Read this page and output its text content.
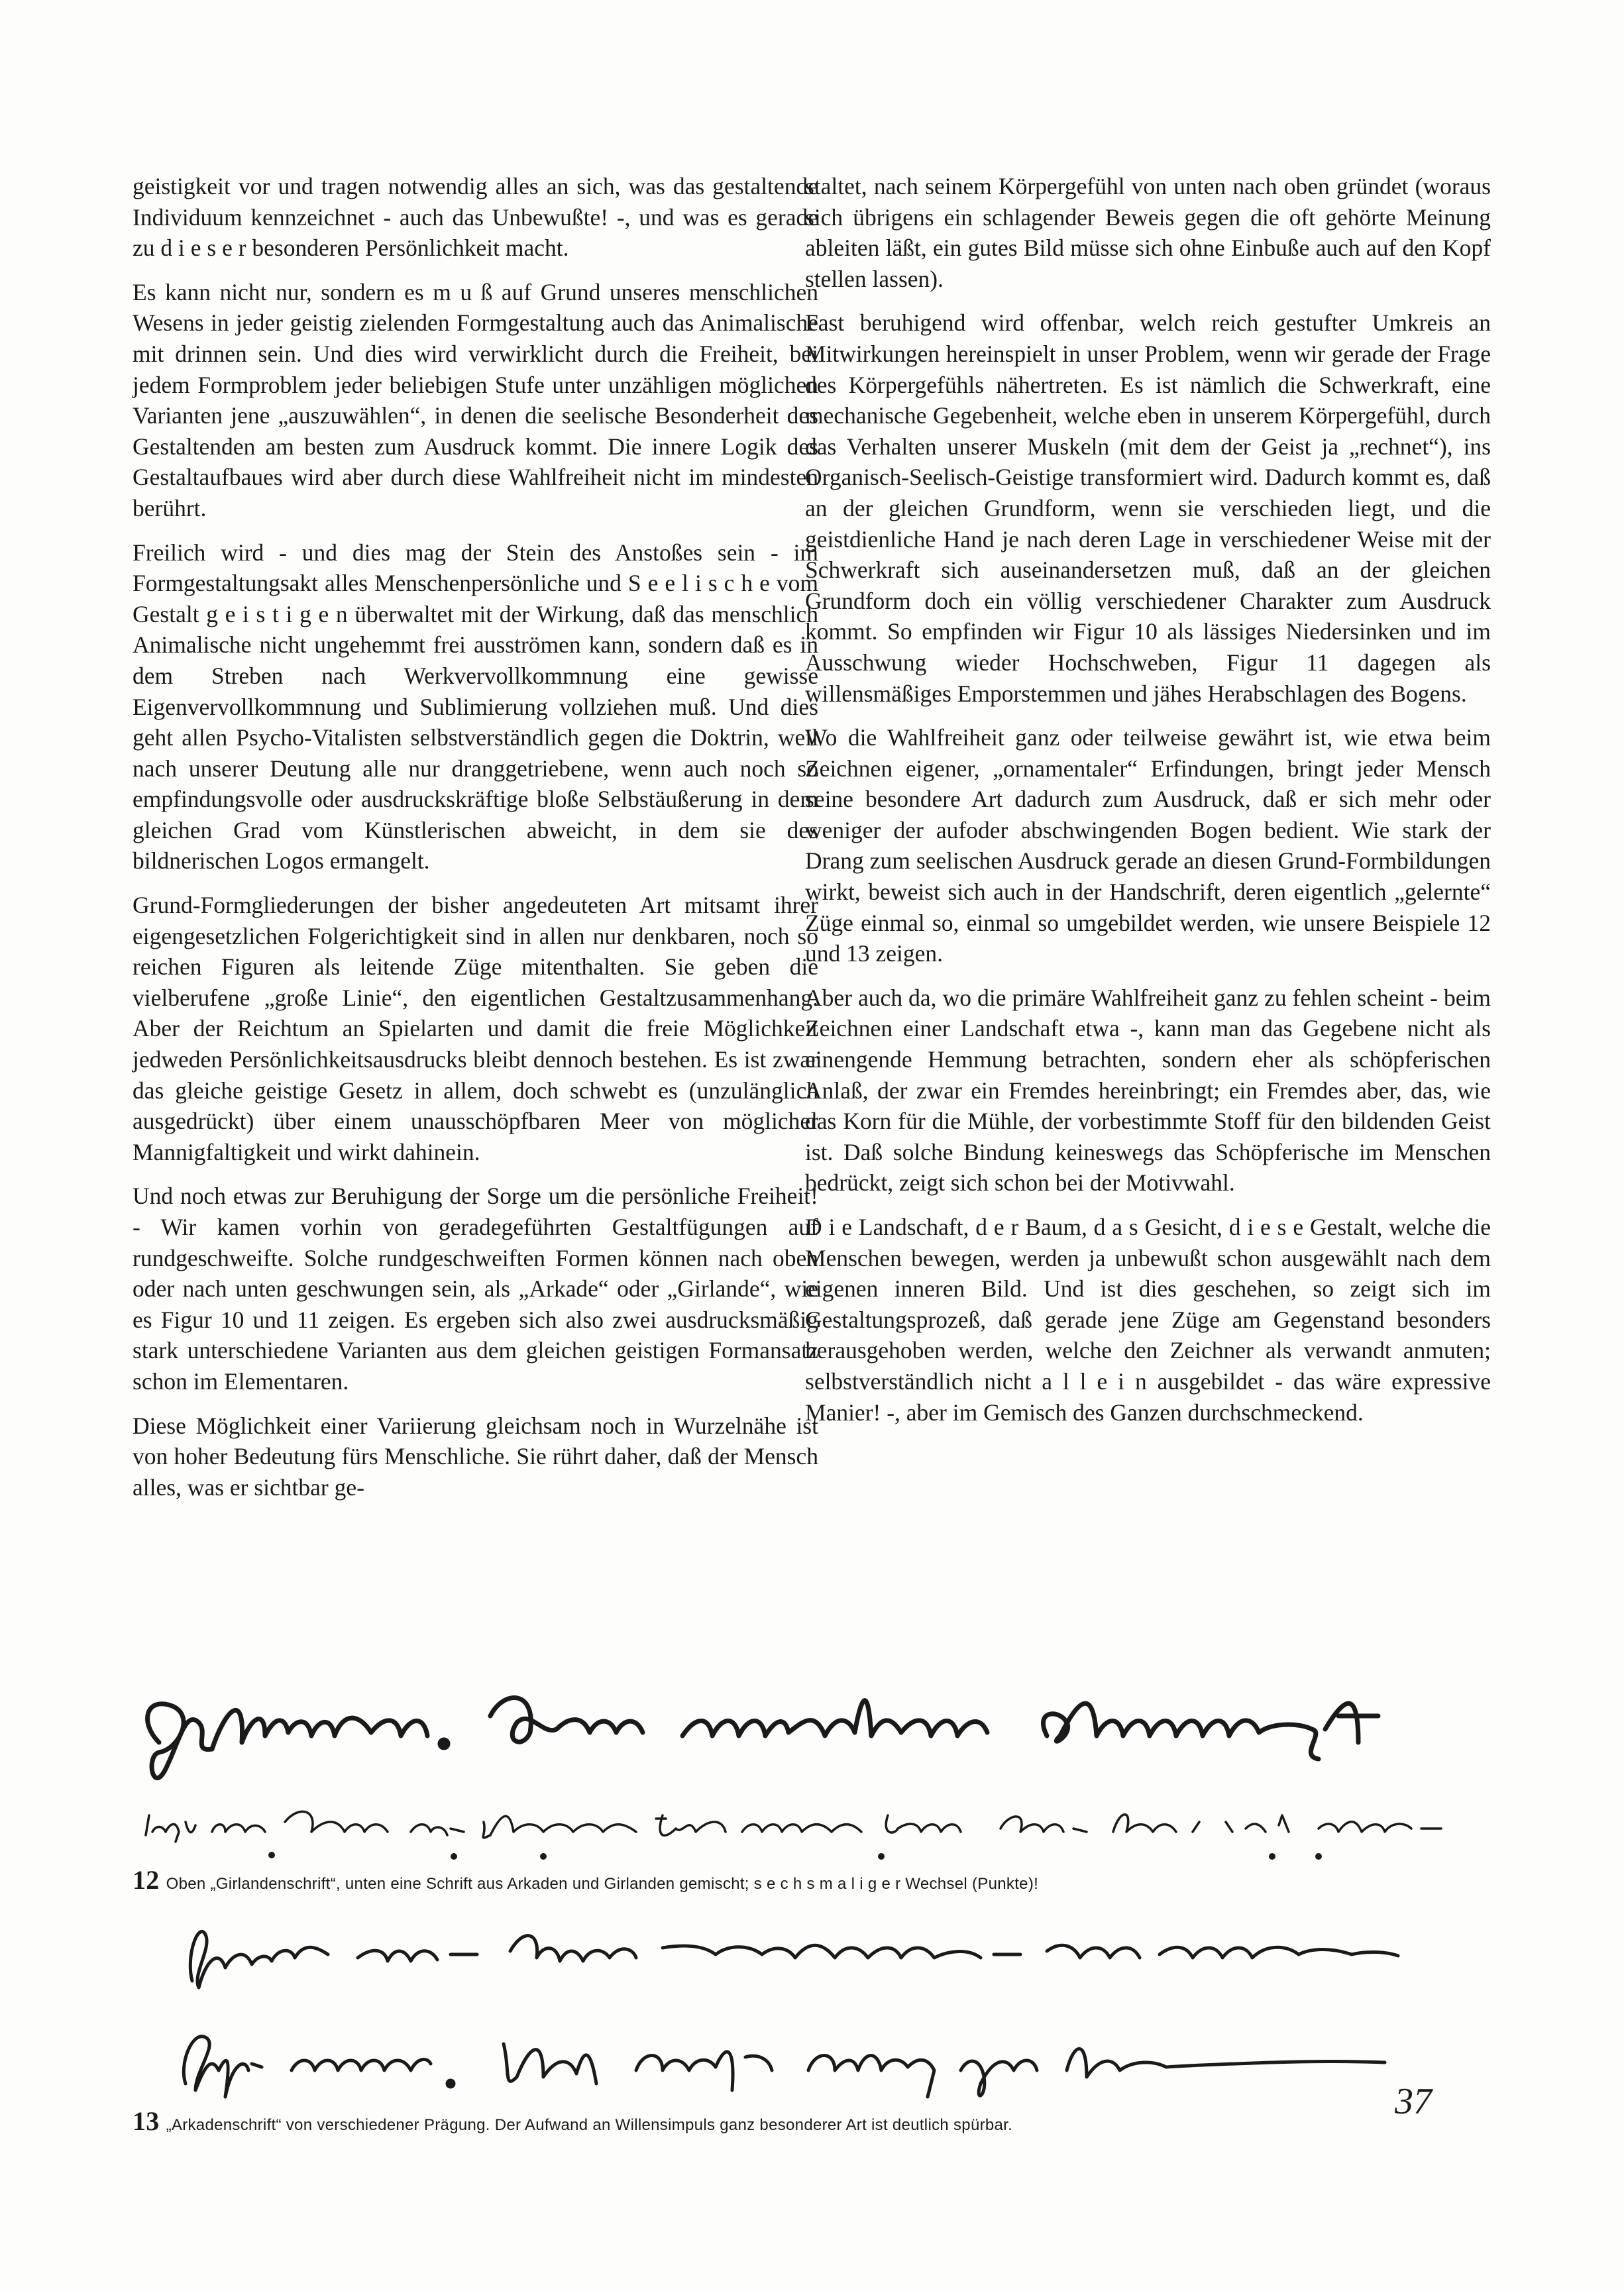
geistigkeit vor und tragen notwendig alles an sich, was das gestaltende Individuum kennzeichnet - auch das Unbewußte! -, und was es gerade zu d i e s e r besonderen Persönlichkeit macht.

Es kann nicht nur, sondern es m u ß auf Grund unseres menschlichen Wesens in jeder geistig zielenden Formgestaltung auch das Animalische mit drinnen sein. Und dies wird verwirklicht durch die Freiheit, bei jedem Formproblem jeder beliebigen Stufe unter unzähligen möglichen Varianten jene „auszuwählen“, in denen die seelische Besonderheit des Gestaltenden am besten zum Ausdruck kommt. Die innere Logik des Gestaltaufbaues wird aber durch diese Wahlfreiheit nicht im mindesten berührt.

Freilich wird - und dies mag der Stein des Anstoßes sein - im Formgestaltungsakt alles Menschenpersönliche und S e e l i s c h e vom Gestalt g e i s t i g e n überwaltet mit der Wirkung, daß das menschlich Animalische nicht ungehemmt frei ausströmen kann, sondern daß es in dem Streben nach Werkvervollkommnung eine gewisse Eigenvervollkommnung und Sublimierung vollziehen muß. Und dies geht allen Psycho-Vitalisten selbstverständlich gegen die Doktrin, weil nach unserer Deutung alle nur dranggetriebene, wenn auch noch so empfindungsvolle oder ausdruckskräftige bloße Selbstäußerung in dem gleichen Grad vom Künstlerischen abweicht, in dem sie des bildnerischen Logos ermangelt.

Grund-Formgliederungen der bisher angedeuteten Art mitsamt ihrer eigengesetzlichen Folgerichtigkeit sind in allen nur denkbaren, noch so reichen Figuren als leitende Züge mitenthalten. Sie geben die vielberufene „große Linie“, den eigentlichen Gestaltzusammenhang. Aber der Reichtum an Spielarten und damit die freie Möglichkeit jedweden Persönlichkeitsausdrucks bleibt dennoch bestehen. Es ist zwar das gleiche geistige Gesetz in allem, doch schwebt es (unzulänglich ausgedrückt) über einem unausschöpfbaren Meer von möglicher Mannigfaltigkeit und wirkt dahinein.

Und noch etwas zur Beruhigung der Sorge um die persönliche Freiheit! - Wir kamen vorhin von geradegeführten Gestaltfügungen auf rundgeschweifte. Solche rundgeschweiften Formen können nach oben oder nach unten geschwungen sein, als „Arkade“ oder „Girlande“, wie es Figur 10 und 11 zeigen. Es ergeben sich also zwei ausdrucksmäßig stark unterschiedene Varianten aus dem gleichen geistigen Formansatz schon im Elementaren.

Diese Möglichkeit einer Variierung gleichsam noch in Wurzelnähe ist von hoher Bedeutung fürs Menschliche. Sie rührt daher, daß der Mensch alles, was er sichtbar ge-

staltet, nach seinem Körpergefühl von unten nach oben gründet (woraus sich übrigens ein schlagender Beweis gegen die oft gehörte Meinung ableiten läßt, ein gutes Bild müsse sich ohne Einbuße auch auf den Kopf stellen lassen).

Fast beruhigend wird offenbar, welch reich gestufter Umkreis an Mitwirkungen hereinspielt in unser Problem, wenn wir gerade der Frage des Körpergefühls nähertreten. Es ist nämlich die Schwerkraft, eine mechanische Gegebenheit, welche eben in unserem Körpergefühl, durch das Verhalten unserer Muskeln (mit dem der Geist ja „rechnet“), ins Organisch-Seelisch-Geistige transformiert wird. Dadurch kommt es, daß an der gleichen Grundform, wenn sie verschieden liegt, und die geistdienliche Hand je nach deren Lage in verschiedener Weise mit der Schwerkraft sich auseinandersetzen muß, daß an der gleichen Grundform doch ein völlig verschiedener Charakter zum Ausdruck kommt. So empfinden wir Figur 10 als lässiges Niedersinken und im Ausschwung wieder Hochschweben, Figur 11 dagegen als willensmäßiges Emporstemmen und jähes Herabschlagen des Bogens.

Wo die Wahlfreiheit ganz oder teilweise gewährt ist, wie etwa beim Zeichnen eigener, „ornamentaler“ Erfindungen, bringt jeder Mensch seine besondere Art dadurch zum Ausdruck, daß er sich mehr oder weniger der aufoder abschwingenden Bogen bedient. Wie stark der Drang zum seelischen Ausdruck gerade an diesen Grund-Formbildungen wirkt, beweist sich auch in der Handschrift, deren eigentlich „gelernte“ Züge einmal so, einmal so umgebildet werden, wie unsere Beispiele 12 und 13 zeigen.

Aber auch da, wo die primäre Wahlfreiheit ganz zu fehlen scheint - beim Zeichnen einer Landschaft etwa -, kann man das Gegebene nicht als einengende Hemmung betrachten, sondern eher als schöpferischen Anlaß, der zwar ein Fremdes hereinbringt; ein Fremdes aber, das, wie das Korn für die Mühle, der vorbestimmte Stoff für den bildenden Geist ist. Daß solche Bindung keineswegs das Schöpferische im Menschen bedrückt, zeigt sich schon bei der Motivwahl.

D i e Landschaft, d e r Baum, d a s Gesicht, d i e s e Gestalt, welche die Menschen bewegen, werden ja unbewußt schon ausgewählt nach dem eigenen inneren Bild. Und ist dies geschehen, so zeigt sich im Gestaltungsprozeß, daß gerade jene Züge am Gegenstand besonders herausgehoben werden, welche den Zeichner als verwandt anmuten; selbstverständlich nicht a l l e i n ausgebildet - das wäre expressive Manier! -, aber im Gemisch des Ganzen durchschmeckend.

ist, eine Wohnung zu bekommen. Ich wünsche Ihnen, daß Sie in ihr glück-
12 Oben „Girlandenschrift“, unten eine Schrift aus Arkaden und Girlanden gemischt; s e c h s m a l i g e r Wechsel (Punkte)!
haben und die angenehmheit immer
dafür verlangen. Ich gehöre auch zu den
13 „Arkadenschrift“ von verschiedener Prägung. Der Aufwand an Willensimpuls ganz besonderer Art ist deutlich spürbar.
37
